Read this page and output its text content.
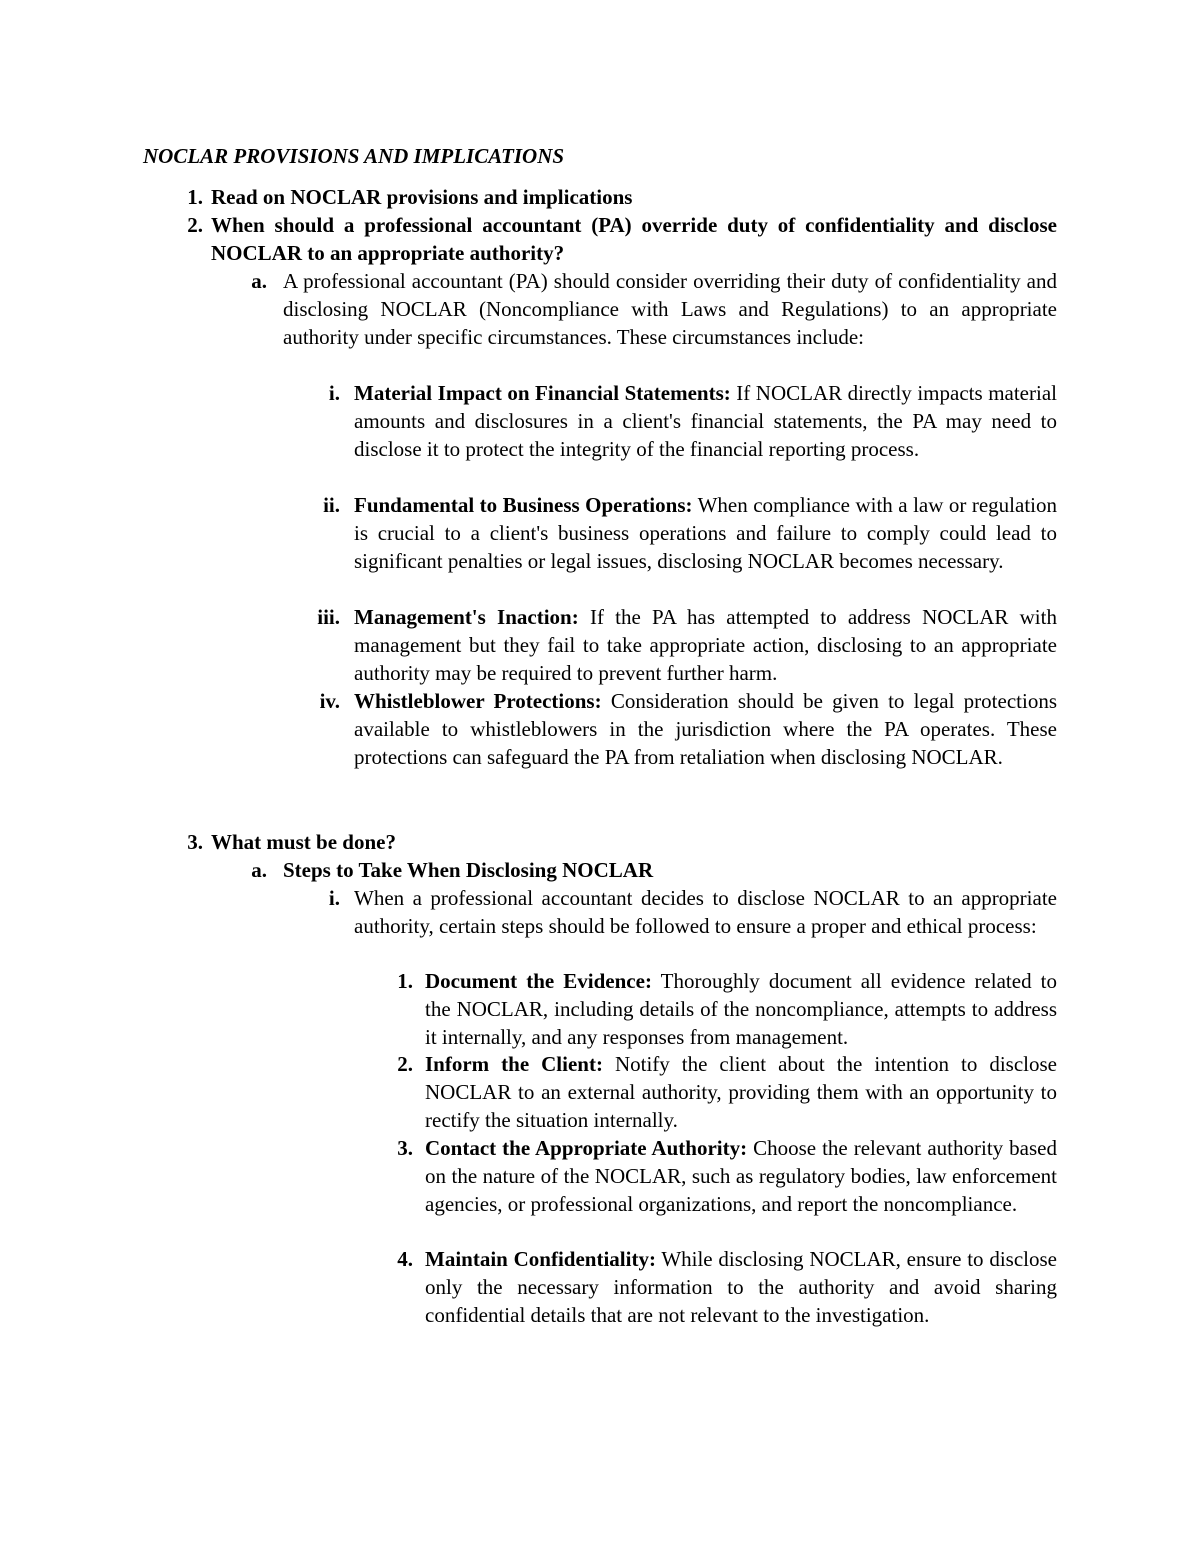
NOCLAR PROVISIONS AND IMPLICATIONS

1. Read on NOCLAR provisions and implications

2. When should a professional accountant (PA) override duty of confidentiality and disclose NOCLAR to an appropriate authority?

a. A professional accountant (PA) should consider overriding their duty of confidentiality and disclosing NOCLAR (Noncompliance with Laws and Regulations) to an appropriate authority under specific circumstances. These circumstances include:

i. Material Impact on Financial Statements: If NOCLAR directly impacts material amounts and disclosures in a client's financial statements, the PA may need to disclose it to protect the integrity of the financial reporting process.

ii. Fundamental to Business Operations: When compliance with a law or regulation is crucial to a client's business operations and failure to comply could lead to significant penalties or legal issues, disclosing NOCLAR becomes necessary.

iii. Management's Inaction: If the PA has attempted to address NOCLAR with management but they fail to take appropriate action, disclosing to an appropriate authority may be required to prevent further harm.

iv. Whistleblower Protections: Consideration should be given to legal protections available to whistleblowers in the jurisdiction where the PA operates. These protections can safeguard the PA from retaliation when disclosing NOCLAR.

3. What must be done?

a. Steps to Take When Disclosing NOCLAR

i. When a professional accountant decides to disclose NOCLAR to an appropriate authority, certain steps should be followed to ensure a proper and ethical process:

1. Document the Evidence: Thoroughly document all evidence related to the NOCLAR, including details of the noncompliance, attempts to address it internally, and any responses from management.

2. Inform the Client: Notify the client about the intention to disclose NOCLAR to an external authority, providing them with an opportunity to rectify the situation internally.

3. Contact the Appropriate Authority: Choose the relevant authority based on the nature of the NOCLAR, such as regulatory bodies, law enforcement agencies, or professional organizations, and report the noncompliance.

4. Maintain Confidentiality: While disclosing NOCLAR, ensure to disclose only the necessary information to the authority and avoid sharing confidential details that are not relevant to the investigation.
